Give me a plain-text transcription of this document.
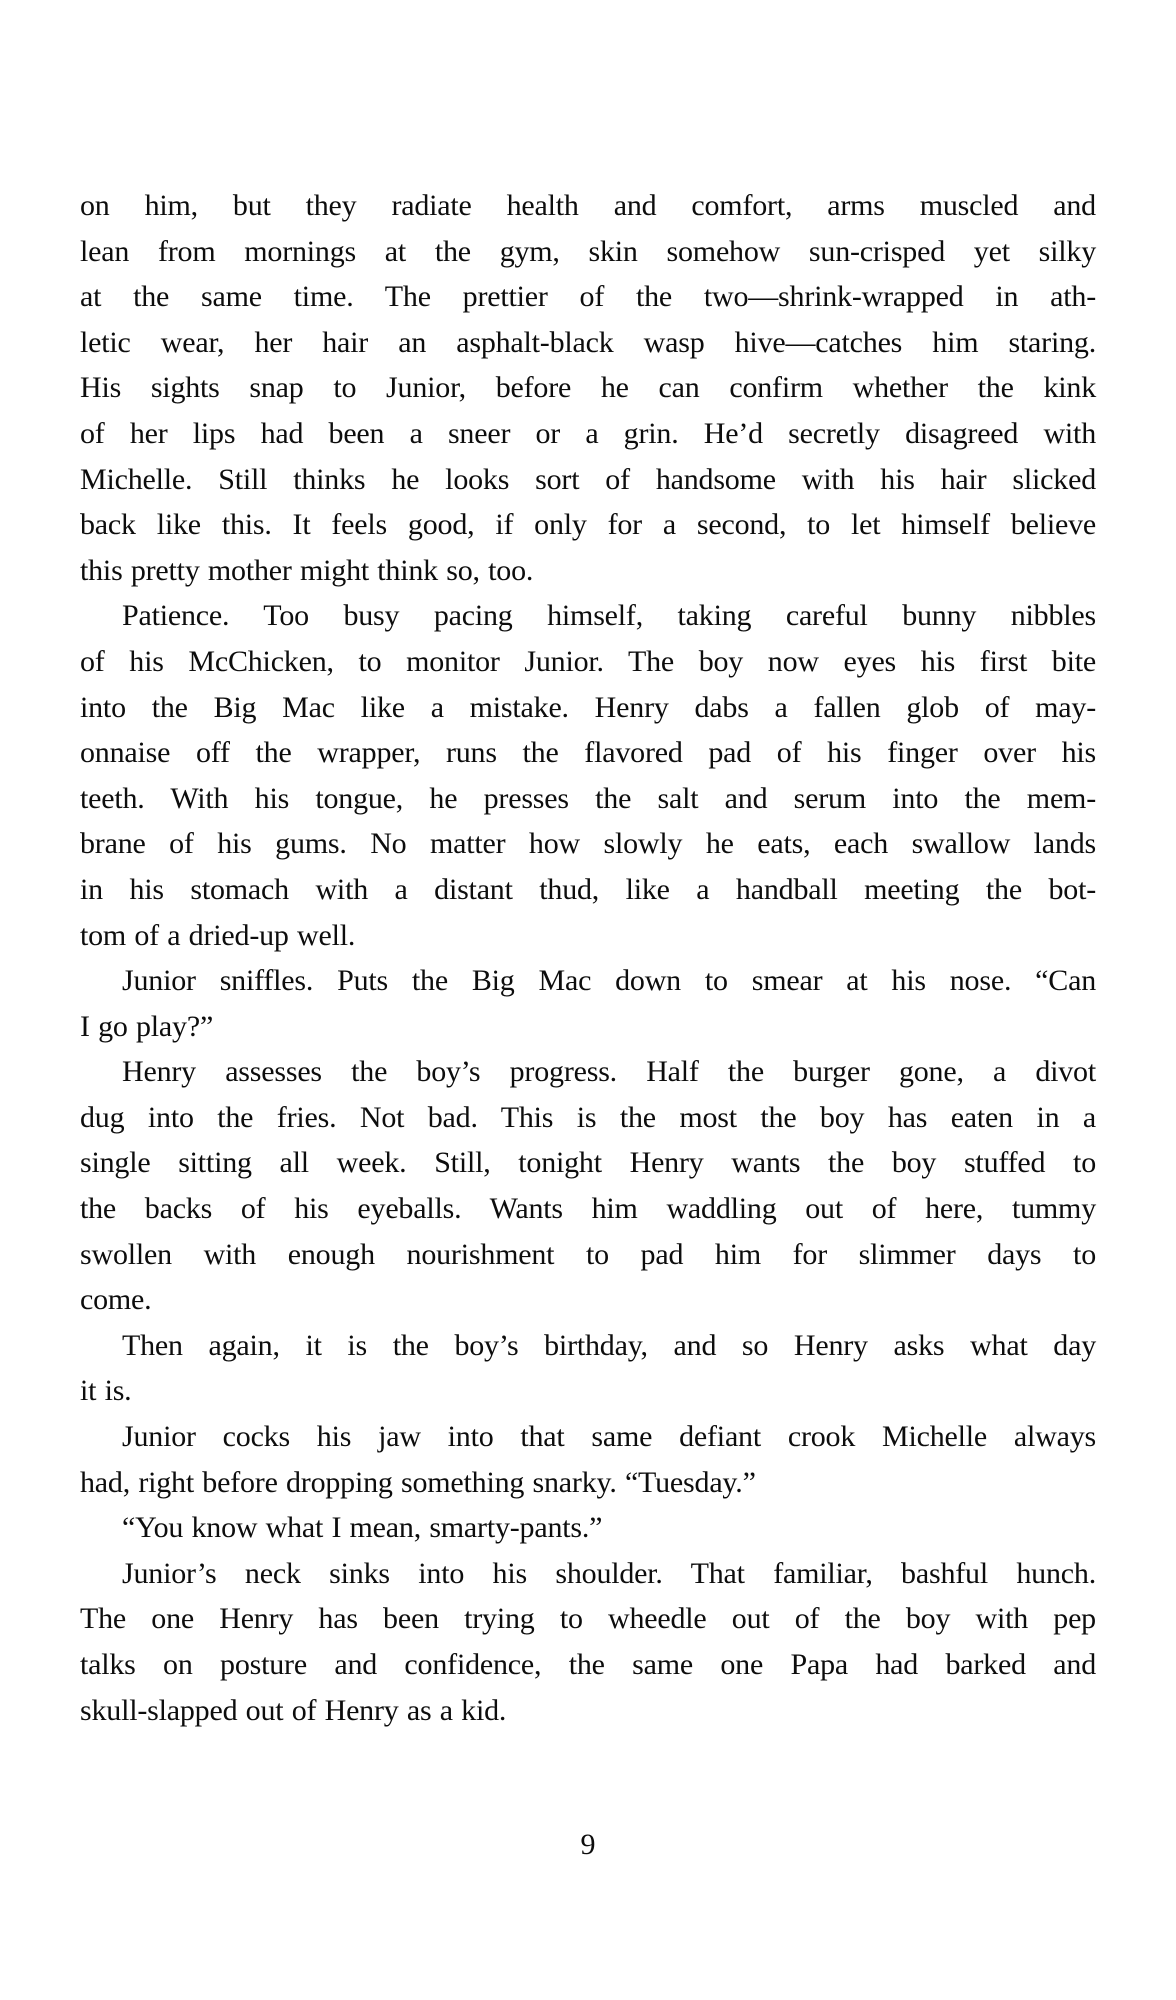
on him, but they radiate health and comfort, arms muscled and
lean from mornings at the gym, skin somehow sun-crisped yet silky
at the same time. The prettier of the two—shrink-wrapped in ath-
letic wear, her hair an asphalt-black wasp hive—catches him staring.
His sights snap to Junior, before he can confirm whether the kink
of her lips had been a sneer or a grin. He’d secretly disagreed with
Michelle. Still thinks he looks sort of handsome with his hair slicked
back like this. It feels good, if only for a second, to let himself believe
this pretty mother might think so, too.
Patience. Too busy pacing himself, taking careful bunny nibbles
of his McChicken, to monitor Junior. The boy now eyes his first bite
into the Big Mac like a mistake. Henry dabs a fallen glob of may-
onnaise off the wrapper, runs the flavored pad of his finger over his
teeth. With his tongue, he presses the salt and serum into the mem-
brane of his gums. No matter how slowly he eats, each swallow lands
in his stomach with a distant thud, like a handball meeting the bot-
tom of a dried-up well.
Junior sniffles. Puts the Big Mac down to smear at his nose. “Can
I go play?”
Henry assesses the boy’s progress. Half the burger gone, a divot
dug into the fries. Not bad. This is the most the boy has eaten in a
single sitting all week. Still, tonight Henry wants the boy stuffed to
the backs of his eyeballs. Wants him waddling out of here, tummy
swollen with enough nourishment to pad him for slimmer days to
come.
Then again, it is the boy’s birthday, and so Henry asks what day
it is.
Junior cocks his jaw into that same defiant crook Michelle always
had, right before dropping something snarky. “Tuesday.”
“You know what I mean, smarty-pants.”
Junior’s neck sinks into his shoulder. That familiar, bashful hunch.
The one Henry has been trying to wheedle out of the boy with pep
talks on posture and confidence, the same one Papa had barked and
skull-slapped out of Henry as a kid.
9
